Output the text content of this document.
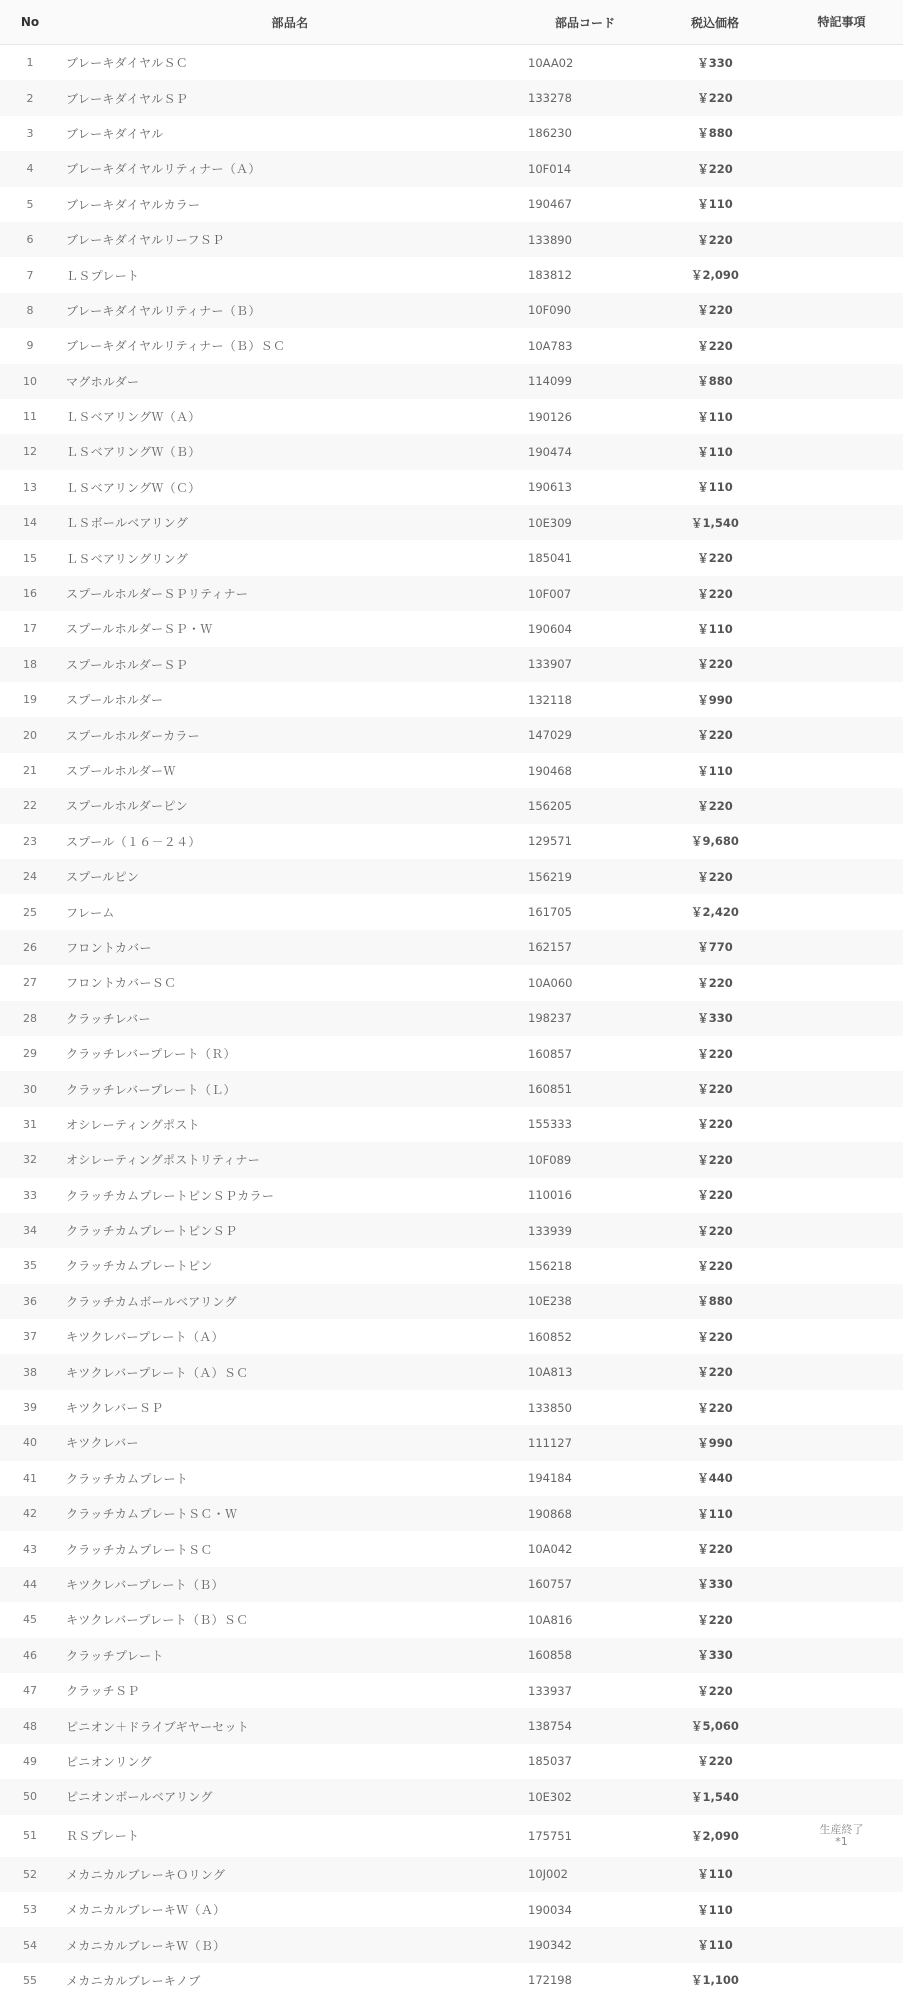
No	部品名	部品コード	税込価格	特記事項
1	ブレーキダイヤルＳＣ	10AA02	￥330
2	ブレーキダイヤルＳＰ	133278	￥220
3	ブレーキダイヤル	186230	￥880
4	ブレーキダイヤルリティナー（Ａ）	10F014	￥220
5	ブレーキダイヤルカラー	190467	￥110
6	ブレーキダイヤルリーフＳＰ	133890	￥220
7	ＬＳプレート	183812	￥2,090
8	ブレーキダイヤルリティナー（Ｂ）	10F090	￥220
9	ブレーキダイヤルリティナー（Ｂ）ＳＣ	10A783	￥220
10	マグホルダー	114099	￥880
11	ＬＳベアリングＷ（Ａ）	190126	￥110
12	ＬＳベアリングＷ（Ｂ）	190474	￥110
13	ＬＳベアリングＷ（Ｃ）	190613	￥110
14	ＬＳボールベアリング	10E309	￥1,540
15	ＬＳベアリングリング	185041	￥220
16	スプールホルダーＳＰリティナー	10F007	￥220
17	スプールホルダーＳＰ・Ｗ	190604	￥110
18	スプールホルダーＳＰ	133907	￥220
19	スプールホルダー	132118	￥990
20	スプールホルダーカラー	147029	￥220
21	スプールホルダーＷ	190468	￥110
22	スプールホルダーピン	156205	￥220
23	スプール（１６－２４）	129571	￥9,680
24	スプールピン	156219	￥220
25	フレーム	161705	￥2,420
26	フロントカバー	162157	￥770
27	フロントカバーＳＣ	10A060	￥220
28	クラッチレバー	198237	￥330
29	クラッチレバープレート（Ｒ）	160857	￥220
30	クラッチレバープレート（Ｌ）	160851	￥220
31	オシレーティングポスト	155333	￥220
32	オシレーティングポストリティナー	10F089	￥220
33	クラッチカムプレートピンＳＰカラー	110016	￥220
34	クラッチカムプレートピンＳＰ	133939	￥220
35	クラッチカムプレートピン	156218	￥220
36	クラッチカムボールベアリング	10E238	￥880
37	キツクレバープレート（Ａ）	160852	￥220
38	キツクレバープレート（Ａ）ＳＣ	10A813	￥220
39	キツクレバーＳＰ	133850	￥220
40	キツクレバー	111127	￥990
41	クラッチカムプレート	194184	￥440
42	クラッチカムプレートＳＣ・Ｗ	190868	￥110
43	クラッチカムプレートＳＣ	10A042	￥220
44	キツクレバープレート（Ｂ）	160757	￥330
45	キツクレバープレート（Ｂ）ＳＣ	10A816	￥220
46	クラッチプレート	160858	￥330
47	クラッチＳＰ	133937	￥220
48	ピニオン＋ドライブギヤーセット	138754	￥5,060
49	ピニオンリング	185037	￥220
50	ピニオンボールベアリング	10E302	￥1,540
51	ＲＳプレート	175751	￥2,090	生産終了
*1
52	メカニカルブレーキＯリング	10J002	￥110
53	メカニカルブレーキＷ（Ａ）	190034	￥110
54	メカニカルブレーキＷ（Ｂ）	190342	￥110
55	メカニカルブレーキノブ	172198	￥1,100
